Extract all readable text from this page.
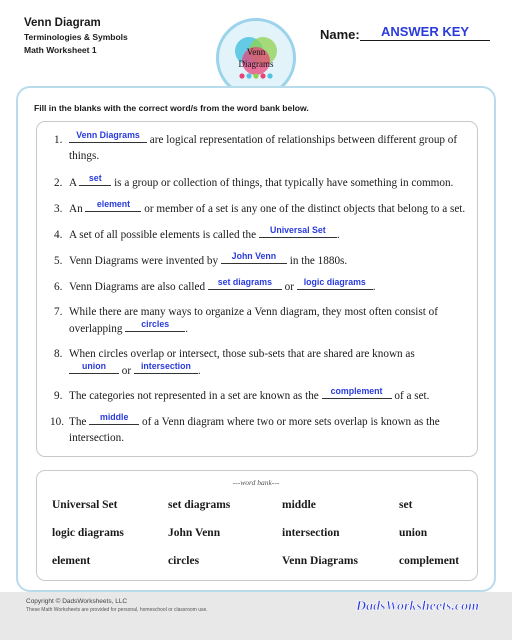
Venn Diagram
Terminologies & Symbols
Math Worksheet 1	Venn
Diagrams
Name:	ANSWER KEY
Fill in the blanks with the correct word/s from the word bank below.
1.	Venn Diagrams are logical representation of relationships between different group of
things.
2. A	set	is a group or collection of things, that typically have something in common.
3. An	element	or member of a set is any one of the distinct objects that belong to a set.
4. A set of all possible elements is called the	Universal Set .
5. Venn Diagrams were invented by	John Venn	in the 1880s.
6. Venn Diagrams are also called	set diagrams	or	logic diagrams .
7. While there are many ways to organize a Venn diagram, they most often consist of
overlapping	circles	.
8. When circles overlap or intersect, those sub-sets that are shared are known as
union	or	intersection .
9. The categories not represented in a set are known as the	complement	of a set.
10. The	middle	of a Venn diagram where two or more sets overlap is known as the
intersection.
---word bank---
Universal Set	set diagrams	middle	set
logic diagrams	John Venn	intersection	union
element	circles	Venn Diagrams	complement
Copyright © DadsWorksheets, LLC
These Math Worksheets are provided for personal, homeschool or classroom use.	DadsWorksheets.com
